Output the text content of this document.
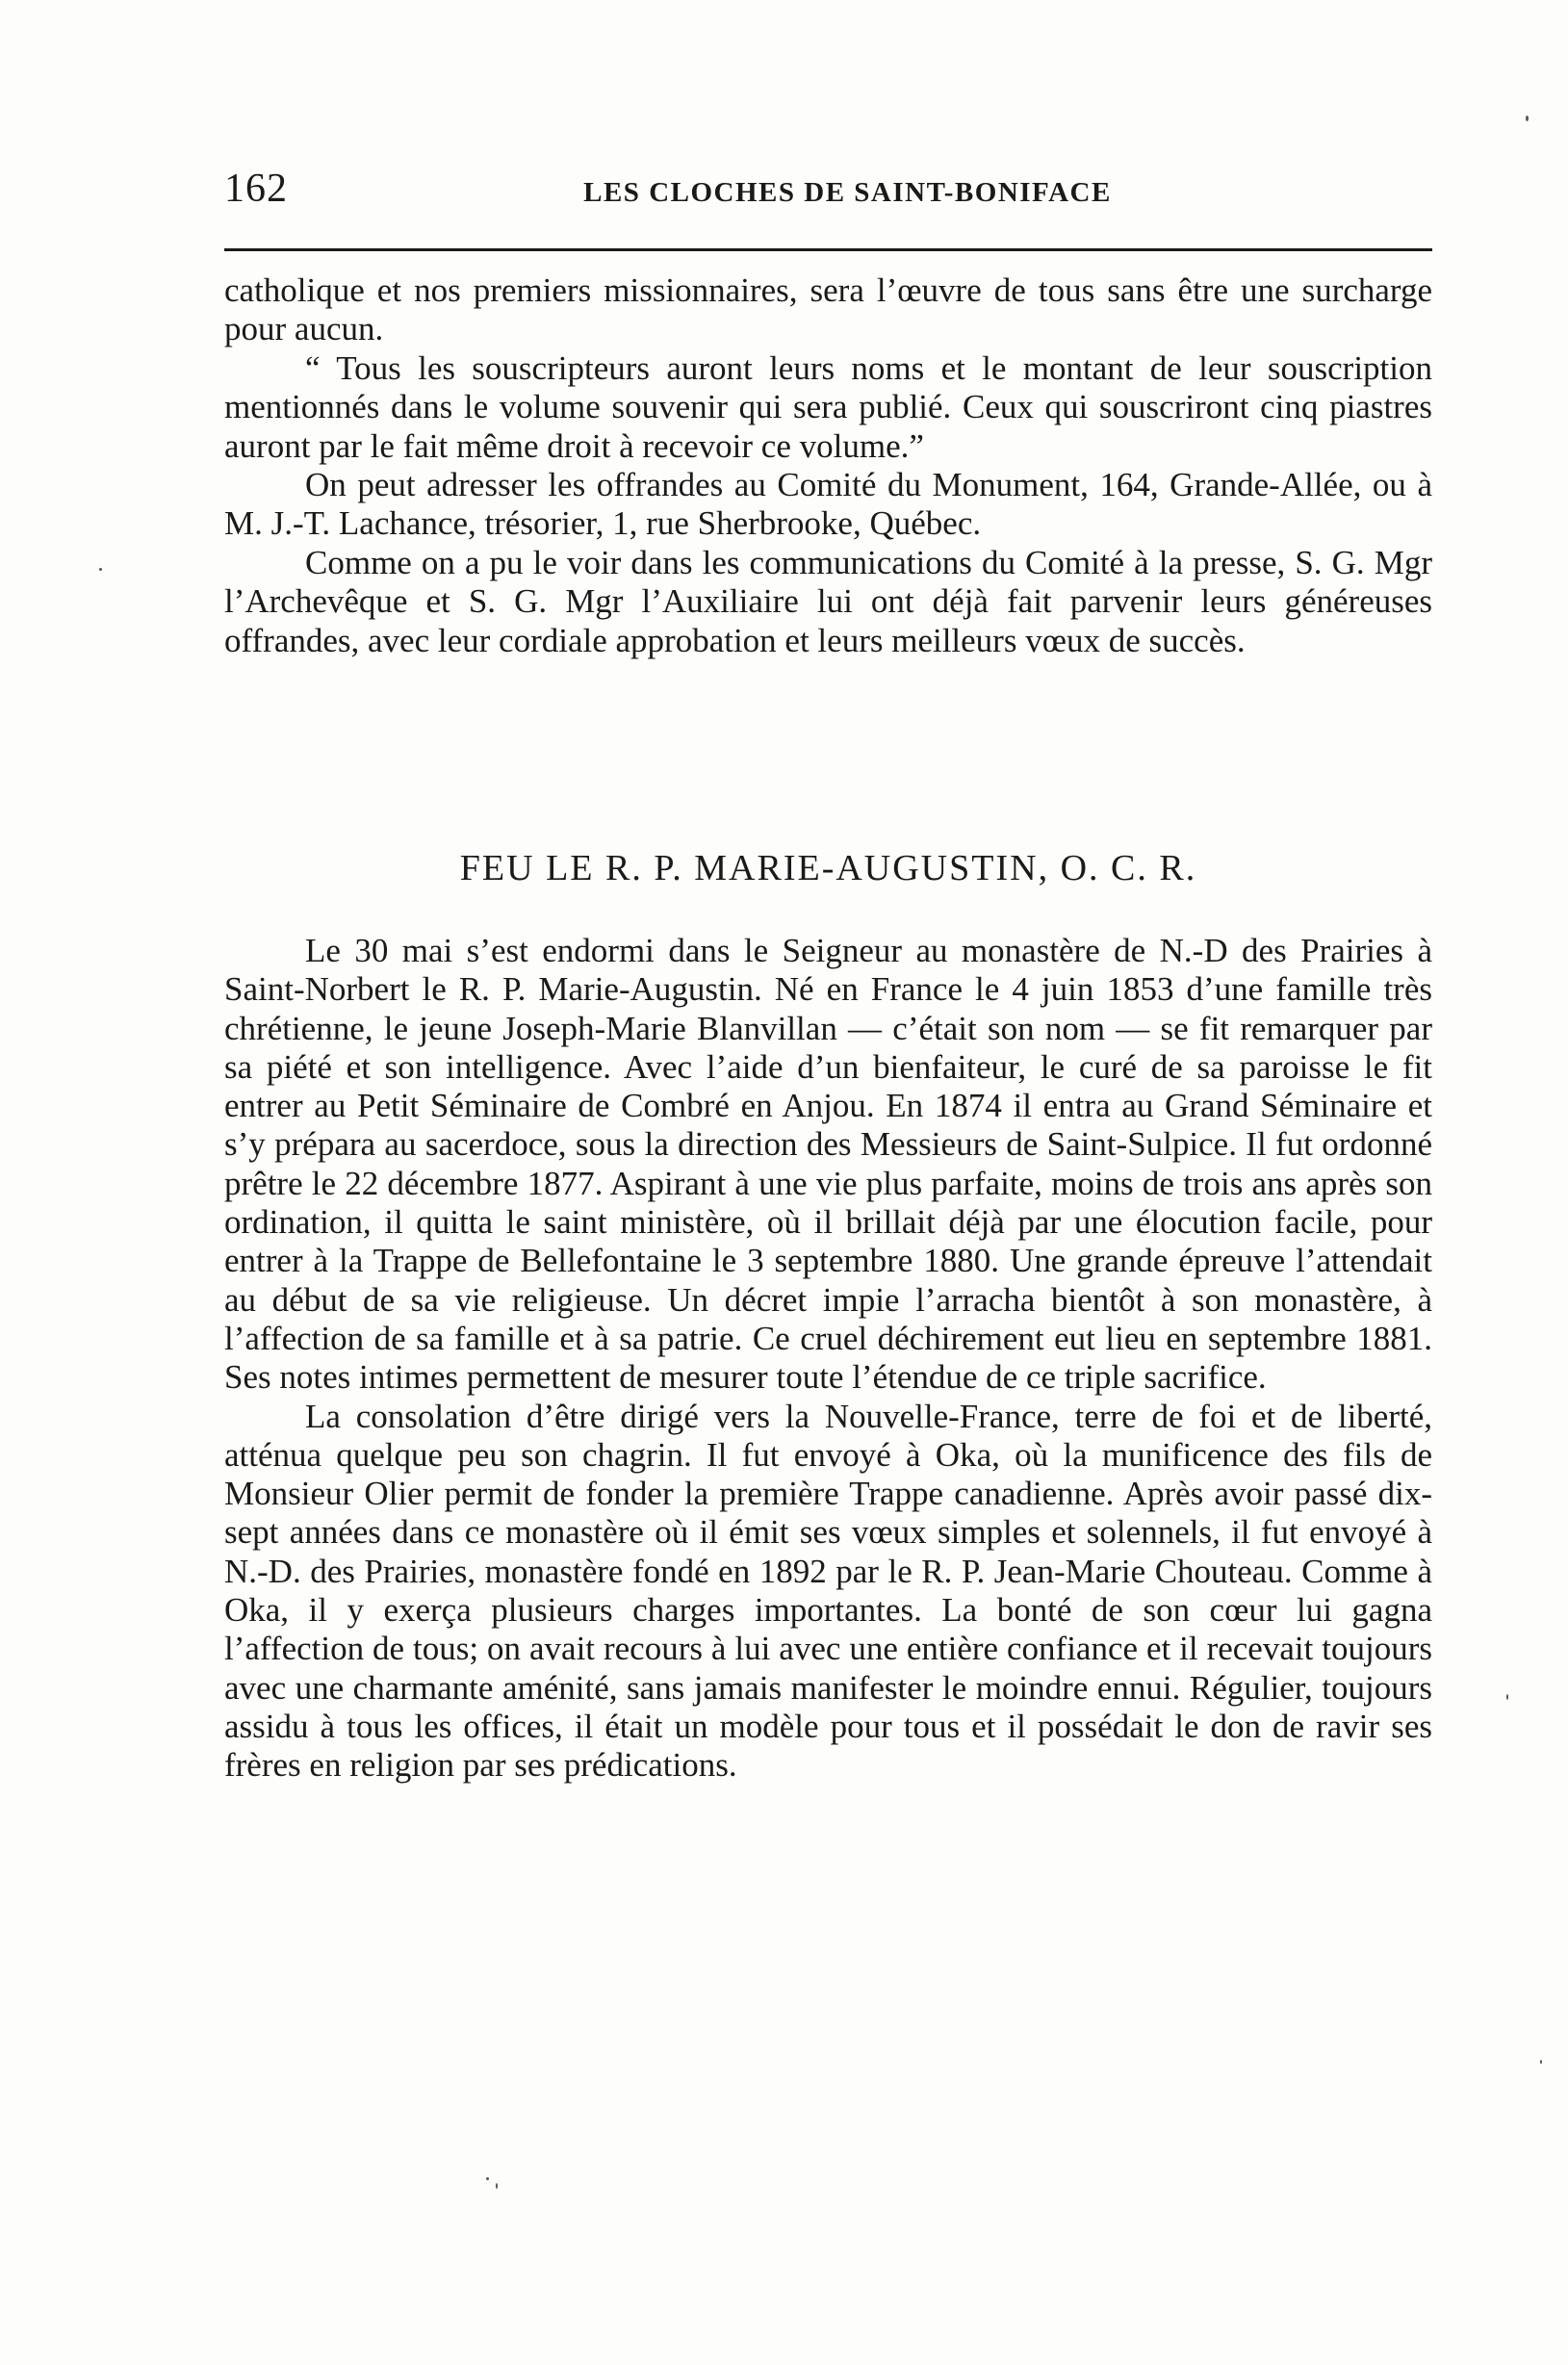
162	LES CLOCHES DE SAINT-BONIFACE

catholique et nos premiers missionnaires, sera l’œuvre de tous sans être une surcharge pour aucun.

“ Tous les souscripteurs auront leurs noms et le montant de leur souscription mentionnés dans le volume souvenir qui sera publié. Ceux qui souscriront cinq piastres auront par le fait même droit à recevoir ce volume.”

On peut adresser les offrandes au Comité du Monument, 164, Grande-Allée, ou à M. J.-T. Lachance, trésorier, 1, rue Sherbrooke, Québec.

Comme on a pu le voir dans les communications du Comité à la presse, S. G. Mgr l’Archevêque et S. G. Mgr l’Auxiliaire lui ont déjà fait parvenir leurs généreuses offrandes, avec leur cordiale approbation et leurs meilleurs vœux de succès.

FEU LE R. P. MARIE-AUGUSTIN, O. C. R.

Le 30 mai s’est endormi dans le Seigneur au monastère de N.-D des Prairies à Saint-Norbert le R. P. Marie-Augustin. Né en France le 4 juin 1853 d’une famille très chrétienne, le jeune Joseph-Marie Blanvillan — c’était son nom — se fit remarquer par sa piété et son intelligence. Avec l’aide d’un bienfaiteur, le curé de sa paroisse le fit entrer au Petit Séminaire de Combré en Anjou. En 1874 il entra au Grand Séminaire et s’y prépara au sacerdoce, sous la direction des Messieurs de Saint-Sulpice. Il fut ordonné prêtre le 22 décembre 1877. Aspirant à une vie plus parfaite, moins de trois ans après son ordination, il quitta le saint ministère, où il brillait déjà par une élocution facile, pour entrer à la Trappe de Bellefontaine le 3 septembre 1880. Une grande épreuve l’attendait au début de sa vie religieuse. Un décret impie l’arracha bientôt à son monastère, à l’affection de sa famille et à sa patrie. Ce cruel déchirement eut lieu en septembre 1881. Ses notes intimes permettent de mesurer toute l’étendue de ce triple sacrifice.

La consolation d’être dirigé vers la Nouvelle-France, terre de foi et de liberté, atténua quelque peu son chagrin. Il fut envoyé à Oka, où la munificence des fils de Monsieur Olier permit de fonder la première Trappe canadienne. Après avoir passé dix-sept années dans ce monastère où il émit ses vœux simples et solennels, il fut envoyé à N.-D. des Prairies, monastère fondé en 1892 par le R. P. Jean-Marie Chouteau. Comme à Oka, il y exerça plusieurs charges importantes. La bonté de son cœur lui gagna l’affection de tous; on avait recours à lui avec une entière confiance et il recevait toujours avec une charmante aménité, sans jamais manifester le moindre ennui. Régulier, toujours assidu à tous les offices, il était un modèle pour tous et il possédait le don de ravir ses frères en religion par ses prédications.
